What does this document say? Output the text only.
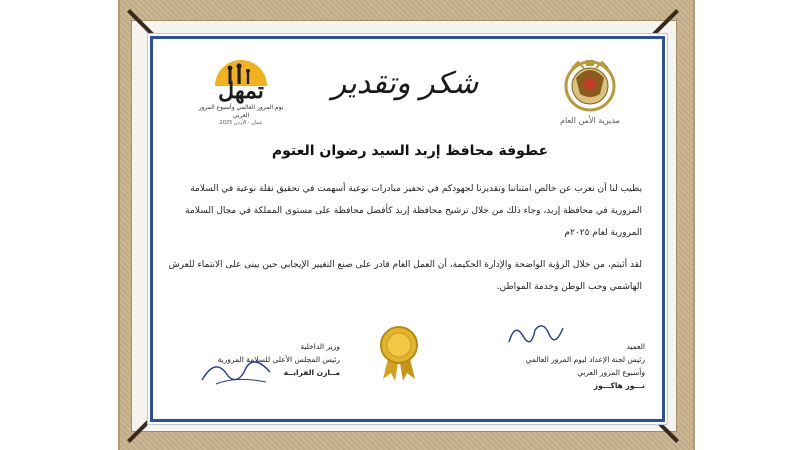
مديرية الأمن العام
تمهل
يوم المرور العالمي وأسبوع المرور العربي
عمان - الأردن 2025
شكر وتقدير
عطوفة محافظ إربد السيد رضوان العتوم

يطيب لنا أن نعرب عن خالص امتناننا وتقديرنا لجهودكم في تحفيز مبادرات نوعية أسهمت في تحقيق نقلة نوعية في السلامة المرورية في محافظة إربد، وجاء ذلك من خلال ترشيح محافظة إربد كأفضل محافظة على مستوى المملكة في مجال السلامة المرورية لعام ٢٠٢٥م

لقد أثبتم، من خلال الرؤية الواضحة والإدارة الحكيمة، أن العمل العام قادر على صنع التغيير الإيجابي حين يبنى على الانتماء للعرش الهاشمي وحب الوطن وخدمة المواطن.

العميد
رئيس لجنة الإعداد ليوم المرور العالمي
وأسبوع المرور العربي
نـــور هاكـــوز
وزير الداخلية
رئيس المجلس الأعلى للسلامة المرورية
مــازن الفرايــة
